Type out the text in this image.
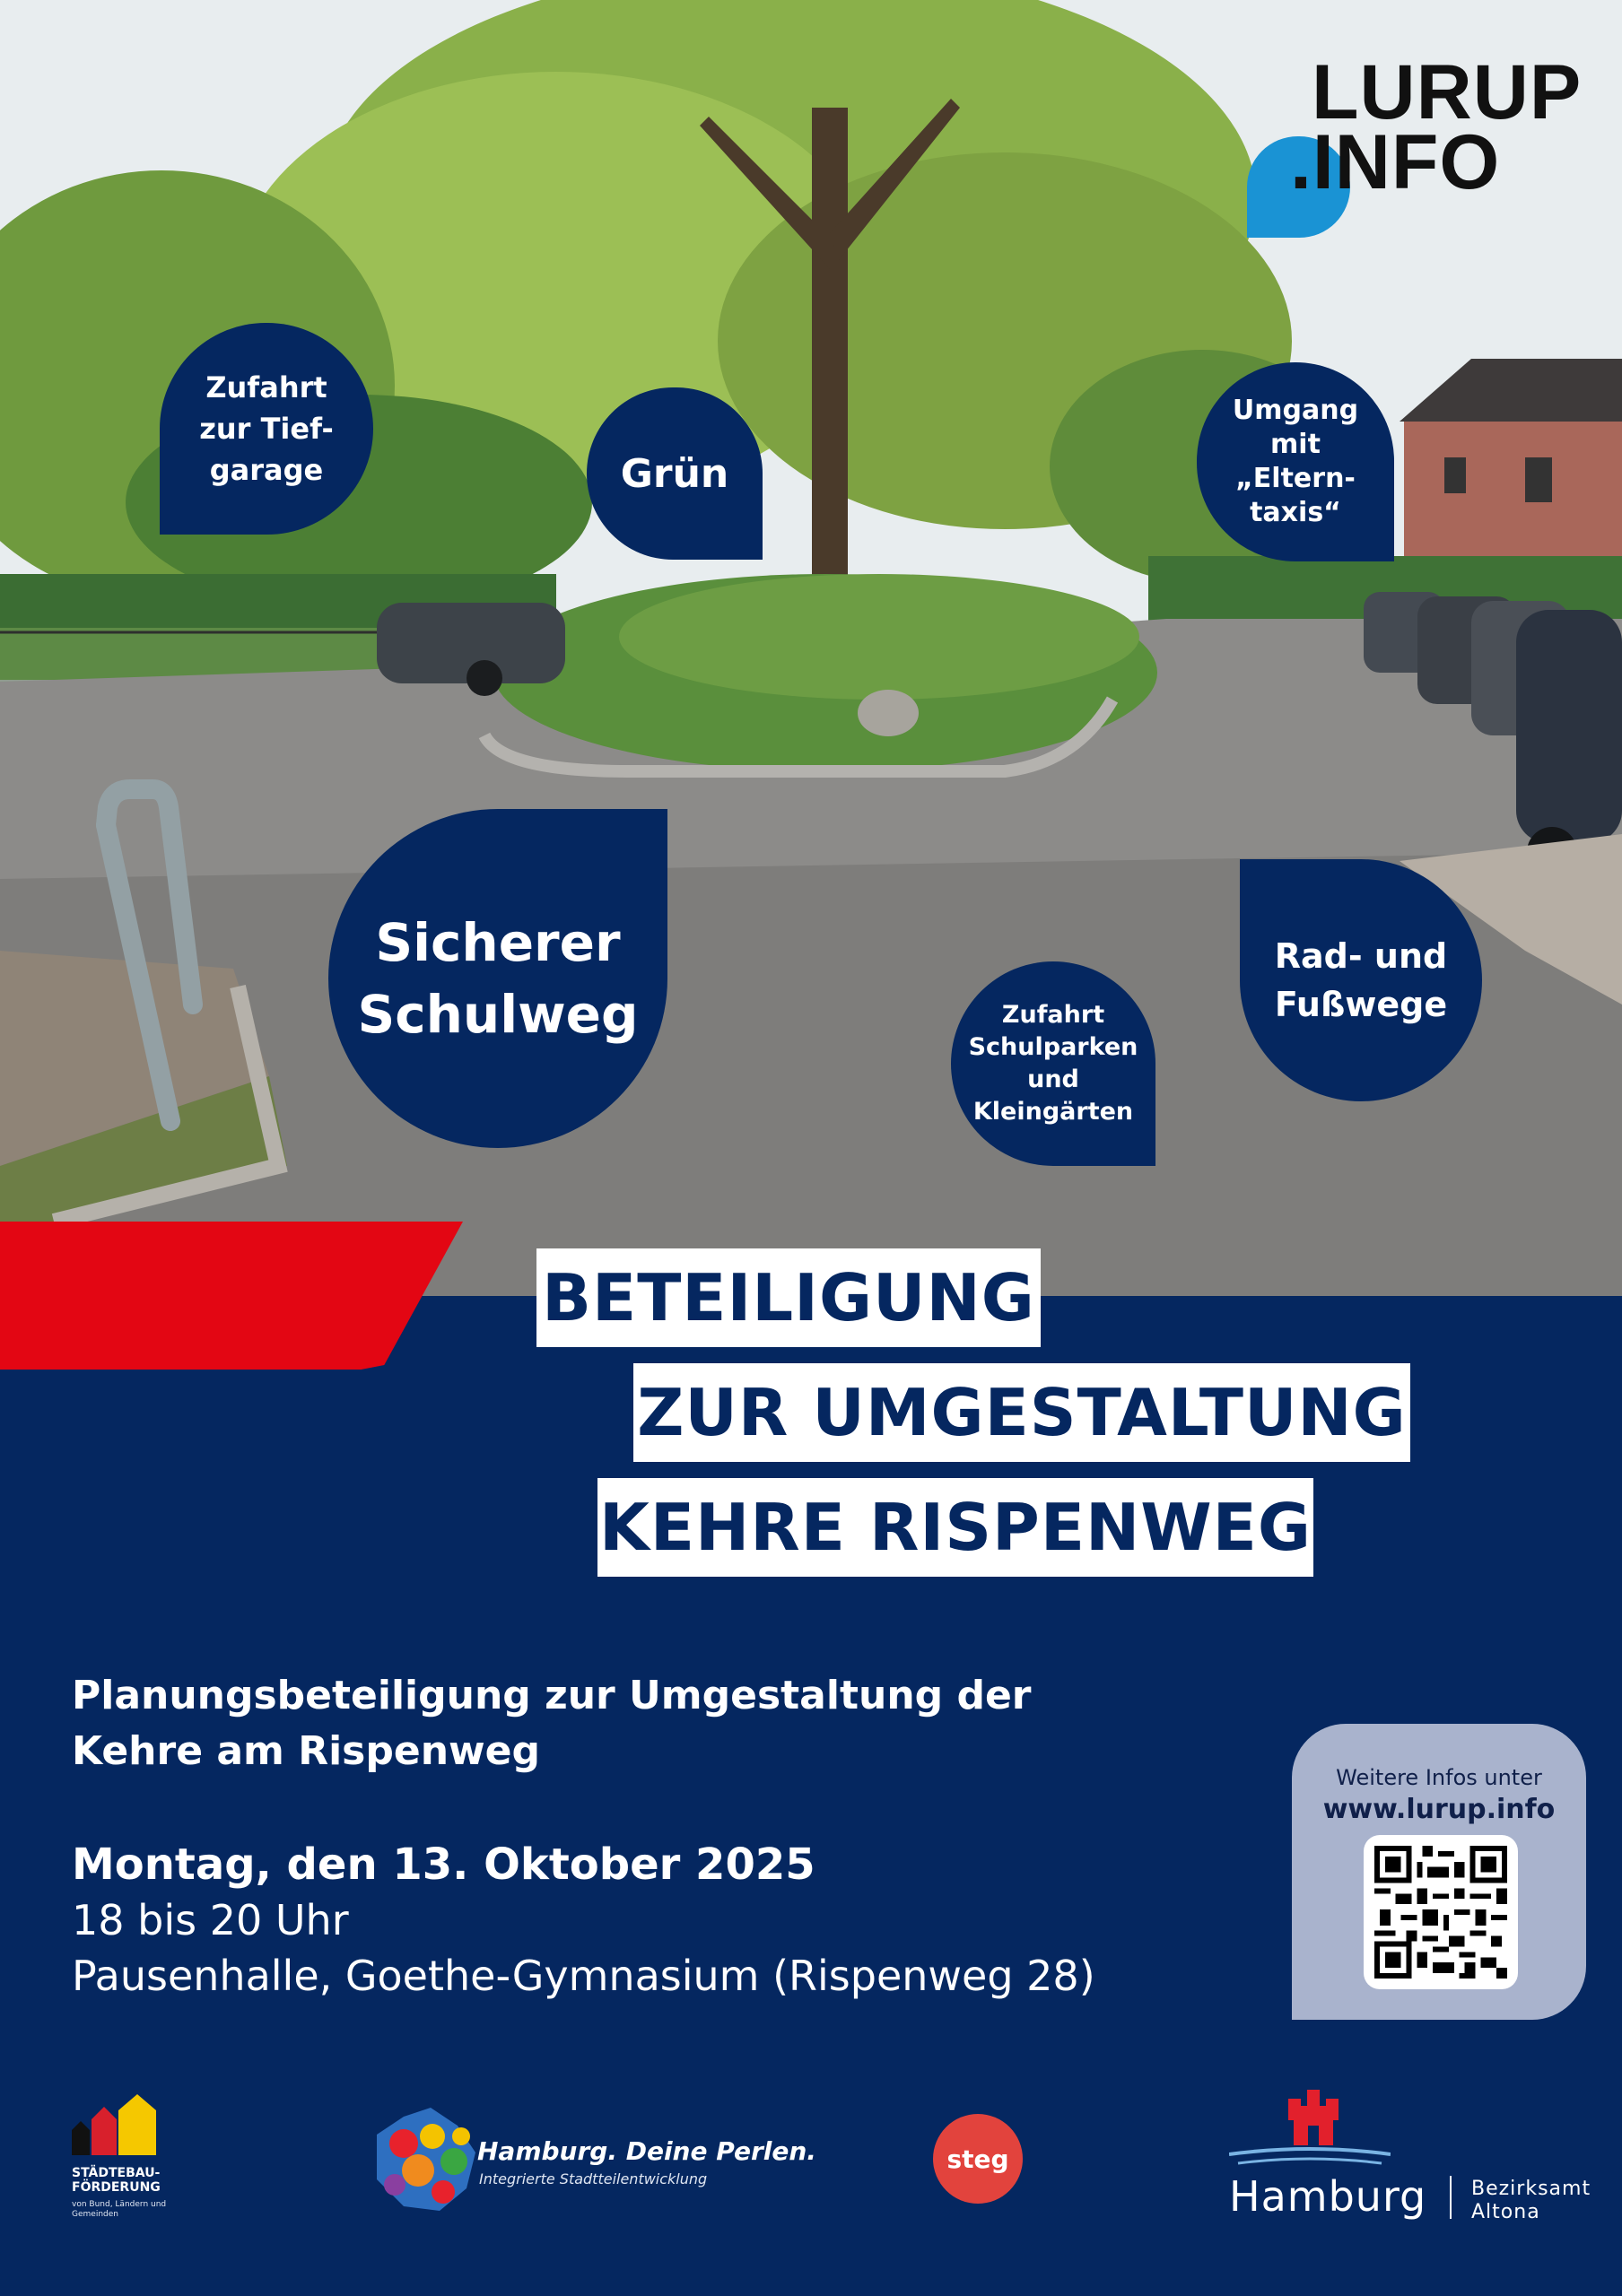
LURUP
.INFO
Zufahrt
zur Tief-
garage	Grün
Umgang
mit
„Eltern-
taxis“
Sicherer
Schulweg
Rad- und
Fußwege
Zufahrt
Schulparken
und
Kleingärten
BETEILIGUNG
ZUR UMGESTALTUNG
KEHRE RISPENWEG
Planungsbeteiligung zur Umgestaltung der
Kehre am Rispenweg
Montag, den 13. Oktober 2025
18 bis 20 Uhr
Pausenhalle, Goethe-Gymnasium (Rispenweg 28)
Weitere Infos unter
www.lurup.info
STÄDTEBAU-
FÖRDERUNG
von Bund, Ländern und Gemeinden
Hamburg. Deine Perlen.
Integrierte Stadtteilentwicklung
steg
Hamburg Bezirksamt
Altona
